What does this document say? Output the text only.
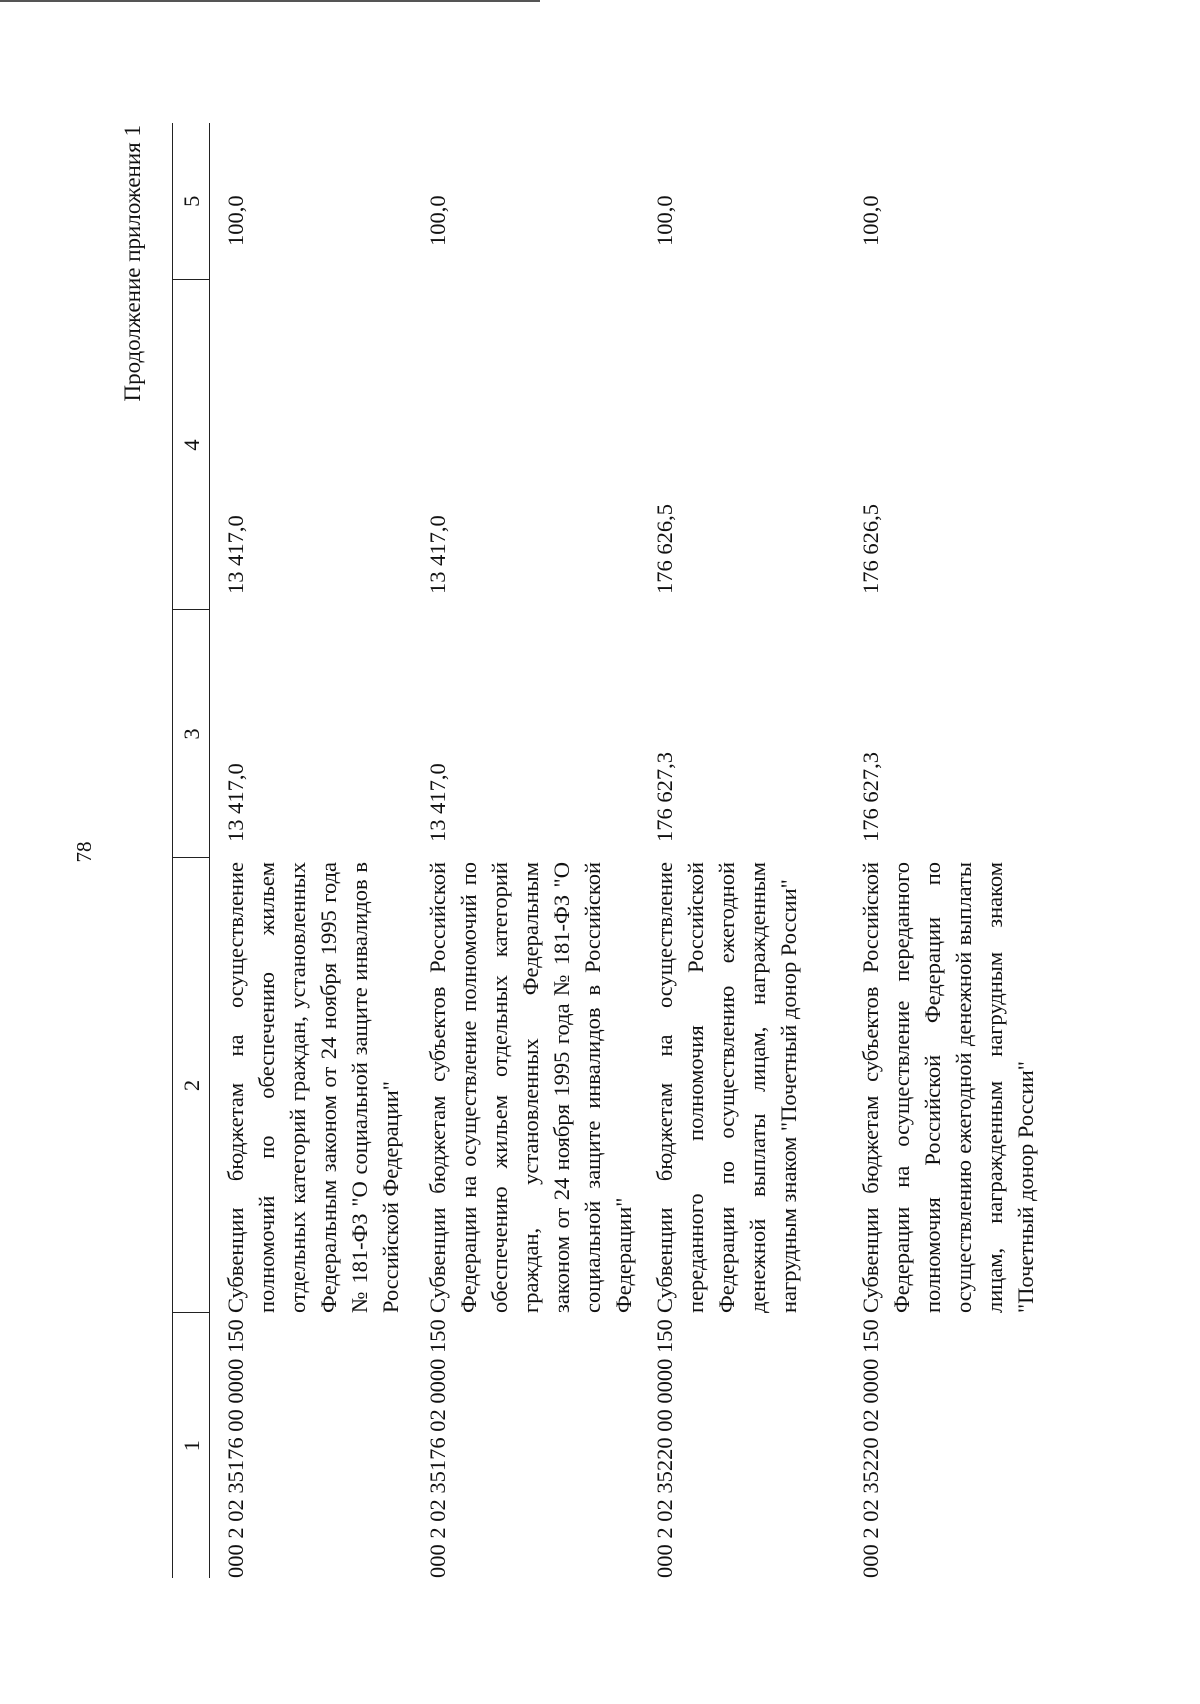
78
Продолжение приложения 1
1	2	3	4	5
000 2 02 35176 00 0000 150	Субвенции бюджетам на осуществление полномочий по обеспечению жильем отдельных категорий граждан, установленных Федеральным законом от 24 ноября 1995 года № 181-ФЗ "О социальной защите инвалидов в Российской Федерации"	13 417,0	13 417,0	100,0
000 2 02 35176 02 0000 150	Субвенции бюджетам субъектов Российской Федерации на осуществление полномочий по обеспечению жильем отдельных категорий граждан, установленных Федеральным законом от 24 ноября 1995 года № 181-ФЗ "О социальной защите инвалидов в Российской Федерации"	13 417,0	13 417,0	100,0
000 2 02 35220 00 0000 150	Субвенции бюджетам на осуществление переданного полномочия Российской Федерации по осуществлению ежегодной денежной выплаты лицам, награжденным нагрудным знаком "Почетный донор России"	176 627,3	176 626,5	100,0
000 2 02 35220 02 0000 150	Субвенции бюджетам субъектов Российской Федерации на осуществление переданного полномочия Российской Федерации по осуществлению ежегодной денежной выплаты лицам, награжденным нагрудным знаком "Почетный донор России"	176 627,3	176 626,5	100,0
